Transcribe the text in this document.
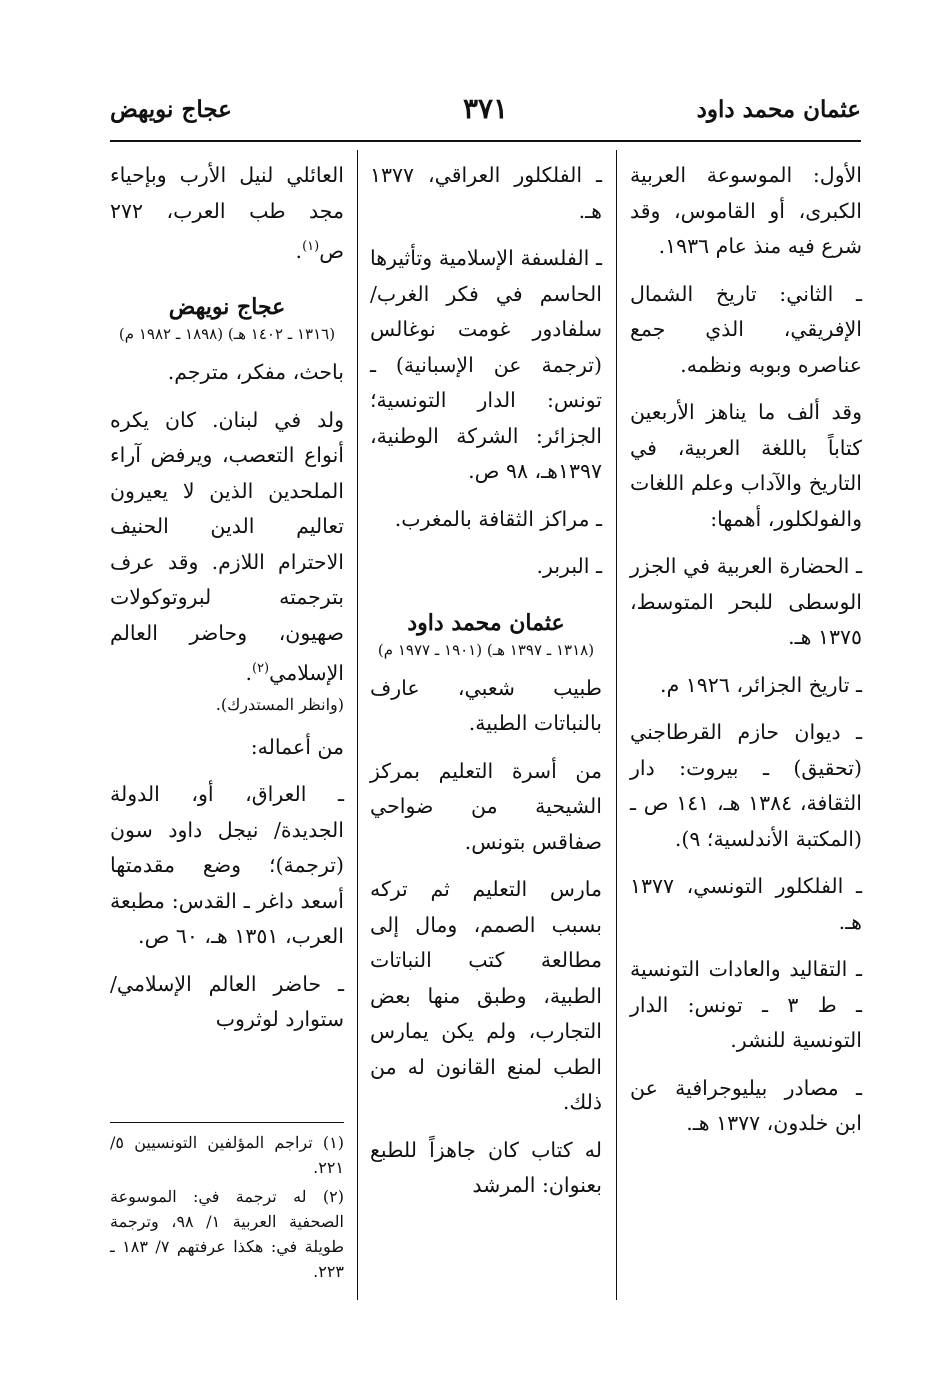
عثمان محمد داود
٣٧١
عجاج نويهض

الأول: الموسوعة العربية الكبرى، أو القاموس، وقد شرع فيه منذ عام ١٩٣٦.

ـ الثاني: تاريخ الشمال الإفريقي، الذي جمع عناصره وبوبه ونظمه.

وقد ألف ما يناهز الأربعين كتاباً باللغة العربية، في التاريخ والآداب وعلم اللغات والفولكلور، أهمها:

ـ الحضارة العربية في الجزر الوسطى للبحر المتوسط، ١٣٧٥ هـ.

ـ تاريخ الجزائر، ١٩٢٦ م.

ـ ديوان حازم القرطاجني (تحقيق) ـ بيروت: دار الثقافة، ١٣٨٤ هـ، ١٤١ ص ـ (المكتبة الأندلسية؛ ٩).

ـ الفلكلور التونسي، ١٣٧٧ هـ.

ـ التقاليد والعادات التونسية ـ ط ٣ ـ تونس: الدار التونسية للنشر.

ـ مصادر بيليوجرافية عن ابن خلدون، ١٣٧٧ هـ.

ـ الفلكلور العراقي، ١٣٧٧ هـ.

ـ الفلسفة الإسلامية وتأثيرها الحاسم في فكر الغرب/ سلفادور غومت نوغالس (ترجمة عن الإسبانية) ـ تونس: الدار التونسية؛ الجزائر: الشركة الوطنية، ١٣٩٧هـ، ٩٨ ص.

ـ مراكز الثقافة بالمغرب.

ـ البربر.

عثمان محمد داود
(١٣١٨ ـ ١٣٩٧ هـ) (١٩٠١ ـ ١٩٧٧ م)

طبيب شعبي، عارف بالنباتات الطبية.

من أسرة التعليم بمركز الشيحية من ضواحي صفاقس بتونس.

مارس التعليم ثم تركه بسبب الصمم، ومال إلى مطالعة كتب النباتات الطبية، وطبق منها بعض التجارب، ولم يكن يمارس الطب لمنع القانون له من ذلك.

له كتاب كان جاهزاً للطبع بعنوان: المرشد

العائلي لنيل الأرب وبإحياء مجد طب العرب، ٢٧٢ ص$^{(١)}$.

عجاج نويهض
(١٣١٦ ـ ١٤٠٢ هـ) (١٨٩٨ ـ ١٩٨٢ م)

باحث، مفكر، مترجم.

ولد في لبنان. كان يكره أنواع التعصب، ويرفض آراء الملحدين الذين لا يعيرون تعاليم الدين الحنيف الاحترام اللازم. وقد عرف بترجمته لبروتوكولات صهيون، وحاضر العالم الإسلامي$^{(٢)}$.

(وانظر المستدرك).

من أعماله:

ـ العراق، أو، الدولة الجديدة/ نيجل داود سون (ترجمة)؛ وضع مقدمتها أسعد داغر ـ القدس: مطبعة العرب، ١٣٥١ هـ، ٦٠ ص.

ـ حاضر العالم الإسلامي/ ستوارد لوثروب

(١) تراجم المؤلفين التونسيين ٥/ ٢٢١.

(٢) له ترجمة في: الموسوعة الصحفية العربية ١/ ٩٨، وترجمة طويلة في: هكذا عرفتهم ٧/ ١٨٣ ـ ٢٢٣.
